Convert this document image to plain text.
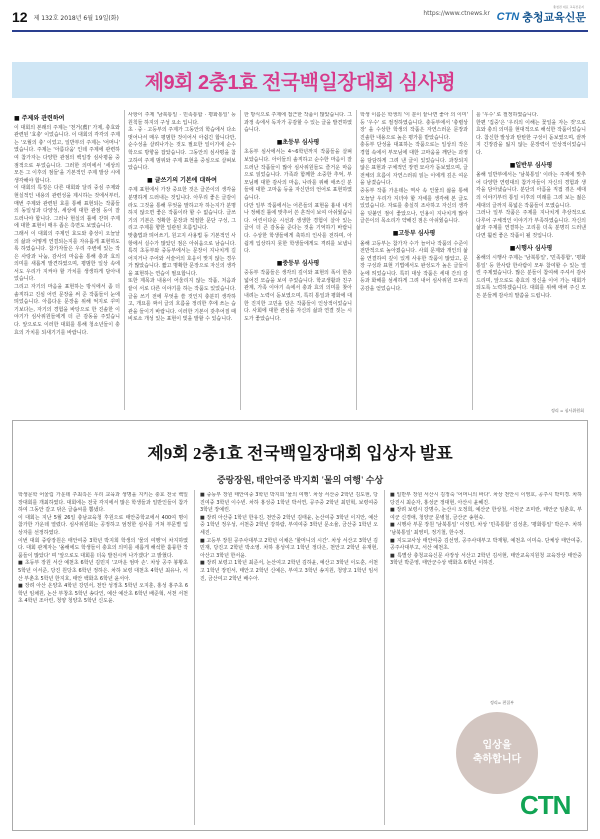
12 제 132호 2018년 6월 19일(화)
https://www.ctnews.kr CTN 충청교육신문
충청권 대표 교육전문지
제9회 2충1효 전국백일장대회 심사평
■ 주제와 관련하여
이 대회의 본래의 주제는 '천거(薦)' 가제, 충효와 관련된 '효충' 이었습니다. 이 대회의 각각의 주제는 '오월의 충' 이었고, 일반부의 주제는 '어머니' 였습니다. 주제는 '아름다움' 인데 주제에 관련하여 참가자는 다양한 관점의 백일장 심사평을 중점적으로 두었습니다. 그러한 의미에서 '세상의 모든 그 이후의 점들'을 기본적인 주제 발상 시에 생각해야 합니다.
이 대회의 특징은 다른 대회와 달리 중심 주제와 현실적인 내용의 관련성을 제시하는 것에서부터, 매번 주제와 관련된 효를 통해 표현되는 작품들의 동일성과 다양성, 세상에 대한 관점 등이 잘 드러나야 합니다. 그러나 현실의 틀에 갇혀 주제에 대한 표현이 매우 좁은 측면도 보였습니다.
그래서 이 대회의 주제인 효도와 충성이 오늘날의 삶과 어떻게 연결되는지를 자유롭게 표현하도록 하였습니다. 참가자들은 우리 주변에 있는 작은 사랑과 나눔, 감사의 마음을 통해 충과 효의 의미를 새롭게 발견하였으며, 평범한 일상 속에서도 우리가 지켜야 할 가치를 생생하게 담아내었습니다.
그리고 자기의 마음을 표현하는 방식에서 좀 더 솔직하고 진심 어린 문장을 써 준 작품들이 눈에 띄었습니다. 아름다운 문장을 위해 억지로 꾸미기보다는, 자기의 경험을 바탕으로 한 진솔한 이야기가 심사위원들에게 더 큰 감동을 주었습니다. 앞으로도 이러한 대회를 통해 청소년들이 충효의 가치를 되새기기를 바랍니다.
사항이 주제 '남북통일 · 민족통합 · 평화통일' 등 원칙들 하지의 구성 요소 입니다.
초 · 중 · 고등부의 주제가 그동안의 학습에서 다소 벗어나서 매우 평범한 것이어서 아쉽긴 합니다만, 순수성을 살려나가는 것도 필요한 일이기에 순수 학으로 방향을 잡았습니다. 그동안의 심사평을 참고하여 주제 범위와 주제 표현을 중심으로 살펴보았습니다.
■ 글쓰기의 기본에 대하여
주제 표현에서 가장 중요한 것은 글쓴이의 생각을 분명하게 드러내는 것입니다. 아무리 좋은 글감이라도 그것을 통해 무엇을 말하고자 하는지가 분명하지 않으면 좋은 작품이라 할 수 없습니다. 글쓰기의 기본은 정확한 문장과 적절한 문단 구성, 그리고 주제를 향한 일관된 흐름입니다.
맞춤법과 띄어쓰기, 원고지 사용법 등 기본적인 사항에서 실수가 많았던 점은 아쉬움으로 남습니다. 특히 초등부와 중등부에서는 문장이 지나치게 길어지거나 주어와 서술어의 호응이 맞지 않는 경우가 많았습니다. 짧고 명확한 문장으로 자신의 생각을 표현하는 연습이 필요합니다.
또한 제목과 내용이 어울리지 않는 작품, 처음과 끝이 서로 다른 이야기를 하는 작품도 있었습니다. 글을 쓰기 전에 무엇을 쓸 것인지 충분히 생각하고, 개요를 짜서 글의 흐름을 정리한 후에 쓰는 습관을 들이기 바랍니다. 이러한 기본이 갖추어질 때 비로소 개성 있는 표현이 빛을 발할 수 있습니다.
한 방식으로 주제에 접근한 작품이 많았습니다. 그 과정 속에서 독자가 공감할 수 있는 글을 발견하였습니다.
■초등부 심사평
초등부 심사에서는 4~6학년까지 작품들을 살펴보았습니다. 아이들의 솔직하고 순수한 마음이 잘 드러난 작품들이 많아 심사위원들도 즐거운 마음으로 읽었습니다. 가족과 함께한 소중한 추억, 부모님께 대한 감사의 마음, 나라를 위해 애쓰신 분들에 대한 고마움 등을 자신만의 언어로 표현하였습니다.
다만 일부 작품에서는 어른들의 표현을 흉내 내거나 정해진 틀에 맞추어 쓴 흔적이 보여 아쉬웠습니다. 어린이다운 시선과 생생한 경험이 살아 있는 글이 더 큰 감동을 준다는 것을 기억하기 바랍니다. 수상한 학생들에게 축하의 인사를 전하며, 아쉽게 입상하지 못한 학생들에게도 격려를 보냅니다.
■중등부 심사평
중등부 작품들은 생각의 깊이와 표현의 폭이 한층 넓어진 모습을 보여 주었습니다. 학교생활과 친구 관계, 가족 이야기 속에서 충과 효의 의미를 찾아내려는 노력이 돋보였으며, 특히 통일과 평화에 대한 진지한 고민을 담은 작품들이 인상적이었습니다. 사회에 대한 관심을 자신의 삶과 연결 짓는 시도가 좋았습니다.
학생 이름은 학생의 '이 분이 끝나면 좋아 의 이미' 등 '우수' 로 절정하였습니다. 충등부에서 '충렬상장' 을 수상한 학생의 작품은 자연스러운 문장과 진솔한 내용으로 높은 평가를 받았습니다.
충등부 단성을 대표하는 작품으로는 일상의 작은 경험 속에서 부모님에 대한 고마움을 깨닫는 과정을 담담하게 그려 낸 글이 있었습니다. 과장되지 않은 표현과 구체적인 장면 묘사가 돋보였으며, 글 전체의 흐름이 자연스러워 읽는 이에게 깊은 여운을 남겼습니다.
중등부 작품 가운데는 역사 속 인물의 삶을 통해 오늘날 우리가 지녀야 할 자세를 생각해 본 글도 있었습니다. 자료를 충실히 조사하고 자신의 생각을 덧붙인 점이 좋았으나, 인용이 지나치게 많아 글쓴이의 목소리가 약해진 점은 아쉬웠습니다.
■고등부 심사평
올해 고등부는 참가자 수가 늘어나 작품의 수준이 전반적으로 높아졌습니다. 사회 문제와 개인의 삶을 연결하여 깊이 있게 사유한 작품이 많았고, 문장 구성과 표현 기법에서도 완성도가 높은 글들이 눈에 띄었습니다. 특히 대상 작품은 세대 간의 갈등과 화해를 섬세하게 그려 내어 심사위원 모두의 공감을 얻었습니다.
를 '우수' 로 절정하였습니다.
한편 '집중'은 '우리의 이해는 꽃일을 자는 것'으로 효와 충의 의미를 현대적으로 해석한 작품이었습니다. 참신한 발상과 탄탄한 구성이 돋보였으며, 끝까지 긴장감을 잃지 않는 문장력이 인상적이었습니다.
■일반부 심사평
올해 일반부에서는 '남북통일' 이라는 주제에 맞추어 다양한 연령대의 참가자들이 자신의 경험과 생각을 담아냈습니다. 분단의 아픔을 직접 겪은 세대의 이야기부터 통일 이후의 미래를 그려 보는 젊은 세대의 글까지 폭넓은 작품들이 모였습니다.
그러나 일부 작품은 주제를 지나치게 추상적으로 다루어 구체적인 이야기가 부족하였습니다. 자신의 삶과 주제를 연결하는 고리를 더욱 분명히 드러낸다면 훨씬 좋은 작품이 될 것입니다.
■시행사 심사평
올해의 시행사 주제는 '남북통일', '민족통합', '평화통일' 등 한사람 한사람이 모두 참여할 수 있는 열린 주제였습니다. 많은 분들이 참여해 주셔서 감사드리며, 앞으로도 충효의 정신을 이어 가는 대회가 되도록 노력하겠습니다. 대회를 위해 애써 주신 모든 분들께 감사의 말씀을 드립니다.
정리 = 심사위원회
제9회 2충1효 전국백일장대회 입상자 발표
중랑장원, 태안여중 박지희 '물의 여행' 수상
학생문학 어울림 가운데 주최측은 우리 교육과 생명을 지키는 충효 전국 백일장대회를 개최하였다. 대회에는 전국 각지에서 많은 학생들과 일반인들이 참가하여 그동안 갈고 닦은 글솜씨를 뽐냈다.
이 대회는 지난 5월 26일 충남교육청 후원으로 태안중학교에서 400여 명이 참가한 가운데 열렸다. 심사위원회는 공정하고 엄정한 심사를 거쳐 부문별 입상자를 선정하였다.
이번 대회 중랑장원은 태안여중 3학년 박지희 학생의 '물의 여행'이 차지하였다. 대회 관계자는 '올해에도 학생들이 충효의 의미를 새롭게 해석한 훌륭한 작품들이 많았다' 며 '앞으로도 대회를 더욱 발전시켜 나가겠다' 고 밝혔다.
■ 초등부 장원 서산 예천초 6학년 김민지 '고마운 엄마 손'. 차상 공주 봉황초 5학년 이서준, 당진 원당초 6학년 정하은. 차하 보령 대천초 4학년 최유나, 서산 부춘초 5학년 한지호, 태안 백화초 6학년 윤서아.
■ 장려 아산 온양초 4학년 강민서, 천안 성정초 5학년 오지훈, 홍성 홍주초 6학년 임채원, 논산 부창초 5학년 송다인, 예산 예산초 6학년 배준혁, 서천 서천초 4학년 조아린, 청양 청양초 5학년 신도윤.
■ 중등부 장원 태안여중 3학년 박지희 '물의 여행'. 차상 서산중 2학년 김도현, 당진여중 3학년 이수빈. 차하 홍성중 1학년 박서연, 공주중 2학년 최민혁, 보령여중 3학년 장예린.
■ 장려 아산중 1학년 한유진, 천안중 2학년 김태윤, 논산여중 3학년 이지안, 예산중 1학년 정우성, 서천중 2학년 강하람, 부여여중 3학년 문소율, 금산중 1학년 오세진.
■ 고등부 장원 공주사대부고 2학년 이채은 '할머니의 시간'. 차상 서산고 3학년 김민재, 당진고 2학년 박소영. 차하 홍성여고 1학년 정다은, 천안고 2학년 유재현, 아산고 3학년 한서윤.
■ 장려 보령고 1학년 최준서, 논산여고 2학년 김하윤, 예산고 3학년 이도훈, 서천고 1학년 장민서, 태안고 2학년 신예은, 부여고 3학년 송지원, 청양고 1학년 임서진, 금산여고 2학년 배수아.
■ 일반부 장원 서산시 김정숙 '어머니의 바다'. 차상 천안시 이영호, 공주시 박미경. 차하 당진시 최순자, 홍성군 정대현, 아산시 윤혜진.
■ 장려 보령시 강명수, 논산시 오정희, 예산군 한상철, 서천군 조미란, 태안군 임춘호, 부여군 신경애, 청양군 문병철, 금산군 송현숙.
■ 시행사 부문 장원 '남북통일' 이정민, 차상 '민족통합' 김성훈, '평화통일' 박은주. 차하 '남북통일' 최영미, 정기철, 한수정.
■ 지도교사상 태안여중 김선영, 공주사대부고 박재형, 예천초 이미숙. 단체상 태안여중, 공주사대부고, 서산 예천초.
■ 특별상 충청교육신문 사장상 서산고 2학년 김서현, 태안교육지원청 교육장상 태안중 3학년 박준영, 태안군수상 백화초 6학년 이하진.
정리= 편집부
입상을
축하합니다
CTN
